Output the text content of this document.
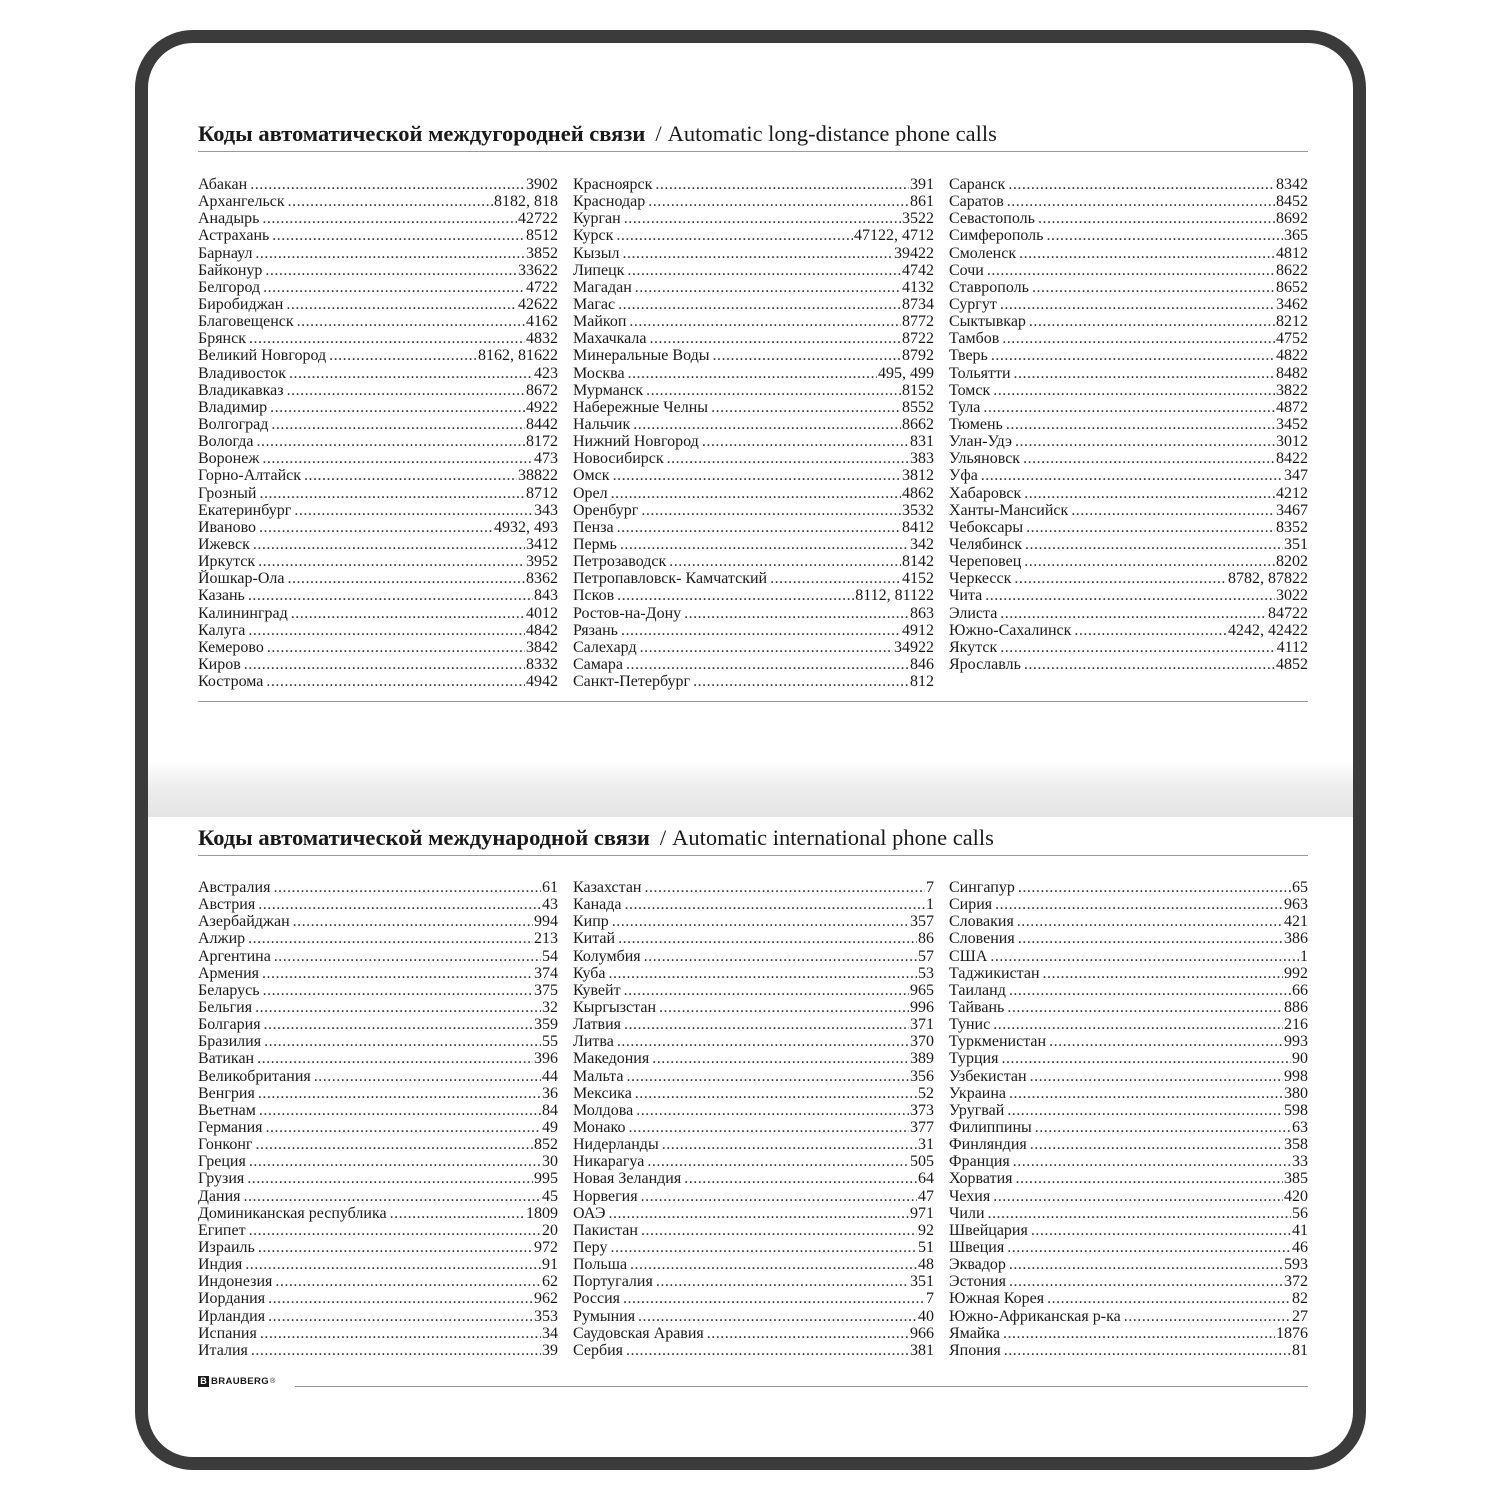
Коды автоматической междугородней связи / Automatic long-distance phone calls
Абакан .....	3902
Архангельск .....	8182, 818
Анадырь .....	42722
Астрахань .....	8512
Барнаул .....	3852
Байконур .....	33622
Белгород .....	4722
Биробиджан .....	42622
Благовещенск .....	4162
Брянск .....	4832
Великий Новгород .....	8162, 81622
Владивосток .....	423
Владикавказ .....	8672
Владимир .....	4922
Волгоград .....	8442
Вологда .....	8172
Воронеж .....	473
Горно-Алтайск .....	38822
Грозный .....	8712
Екатеринбург .....	343
Иваново .....	4932, 493
Ижевск .....	3412
Иркутск .....	3952
Йошкар-Ола .....	8362
Казань .....	843
Калининград .....	4012
Калуга .....	4842
Кемерово .....	3842
Киров .....	8332
Кострома .....	4942
Красноярск .....	391
Краснодар .....	861
Курган .....	3522
Курск .....	47122, 4712
Кызыл .....	39422
Липецк .....	4742
Магадан .....	4132
Магас .....	8734
Майкоп .....	8772
Махачкала .....	8722
Минеральные Воды .....	8792
Москва .....	495, 499
Мурманск .....	8152
Набережные Челны .....	8552
Нальчик .....	8662
Нижний Новгород .....	831
Новосибирск .....	383
Омск .....	3812
Орел .....	4862
Оренбург .....	3532
Пенза .....	8412
Пермь .....	342
Петрозаводск .....	8142
Петропавловск- Камчатский .....	4152
Псков .....	8112, 81122
Ростов-на-Дону .....	863
Рязань .....	4912
Салехард .....	34922
Самара .....	846
Санкт-Петербург .....	812
Саранск .....	8342
Саратов .....	8452
Севастополь .....	8692
Симферополь .....	365
Смоленск .....	4812
Сочи .....	8622
Ставрополь .....	8652
Сургут .....	3462
Сыктывкар .....	8212
Тамбов .....	4752
Тверь .....	4822
Тольятти .....	8482
Томск .....	3822
Тула .....	4872
Тюмень .....	3452
Улан-Удэ .....	3012
Ульяновск .....	8422
Уфа .....	347
Хабаровск .....	4212
Ханты-Мансийск .....	3467
Чебоксары .....	8352
Челябинск .....	351
Череповец .....	8202
Черкесск .....	8782, 87822
Чита .....	3022
Элиста .....	84722
Южно-Сахалинск .....	4242, 42422
Якутск .....	4112
Ярославль .....	4852
Коды автоматической международной связи / Automatic international phone calls
Австралия .....	61
Австрия .....	43
Азербайджан .....	994
Алжир .....	213
Аргентина .....	54
Армения .....	374
Беларусь .....	375
Бельгия .....	32
Болгария .....	359
Бразилия .....	55
Ватикан .....	396
Великобритания .....	44
Венгрия .....	36
Вьетнам .....	84
Германия .....	49
Гонконг .....	852
Греция .....	30
Грузия .....	995
Дания .....	45
Доминиканская республика .....	1809
Египет .....	20
Израиль .....	972
Индия .....	91
Индонезия .....	62
Иордания .....	962
Ирландия .....	353
Испания .....	34
Италия .....	39
Казахстан .....	7
Канада .....	1
Кипр .....	357
Китай .....	86
Колумбия .....	57
Куба .....	53
Кувейт .....	965
Кыргызстан .....	996
Латвия .....	371
Литва .....	370
Македония .....	389
Мальта .....	356
Мексика .....	52
Молдова .....	373
Монако .....	377
Нидерланды .....	31
Никарагуа .....	505
Новая Зеландия .....	64
Норвегия .....	47
ОАЭ .....	971
Пакистан .....	92
Перу .....	51
Польша .....	48
Португалия .....	351
Россия .....	7
Румыния .....	40
Саудовская Аравия .....	966
Сербия .....	381
Сингапур .....	65
Сирия .....	963
Словакия .....	421
Словения .....	386
США .....	1
Таджикистан .....	992
Таиланд .....	66
Тайвань .....	886
Тунис .....	216
Туркменистан .....	993
Турция .....	90
Узбекистан .....	998
Украина .....	380
Уругвай .....	598
Филиппины .....	63
Финляндия .....	358
Франция .....	33
Хорватия .....	385
Чехия .....	420
Чили .....	56
Швейцария .....	41
Швеция .....	46
Эквадор .....	593
Эстония .....	372
Южная Корея .....	82
Южно-Африканская р-ка .....	27
Ямайка .....	1876
Япония .....	81
B BRAUBERG ®
